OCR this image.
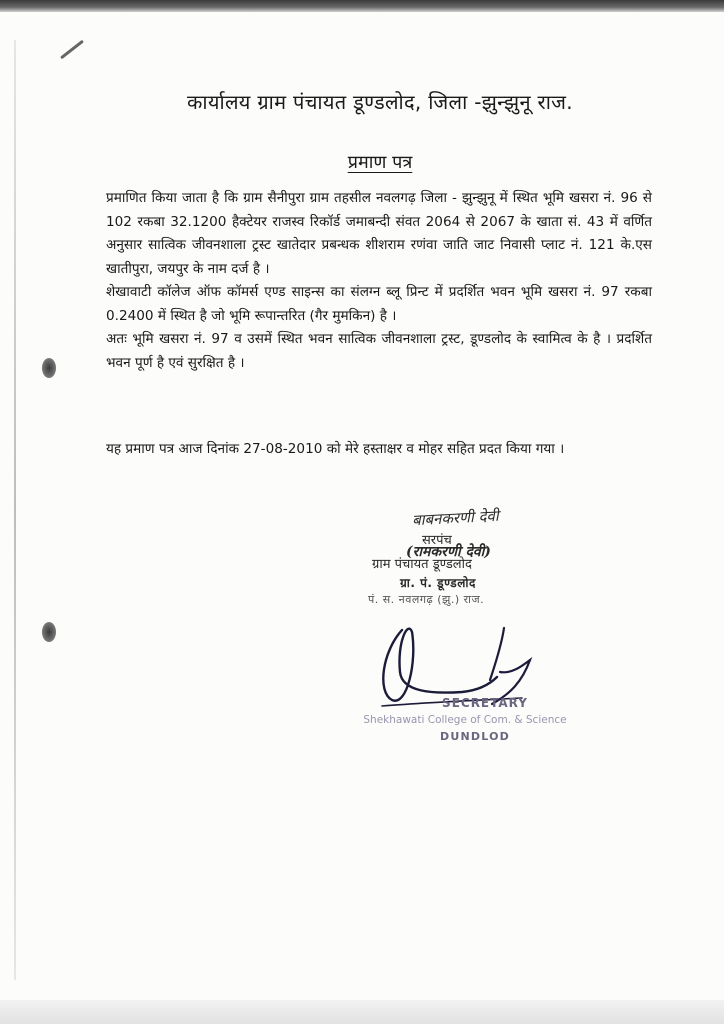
कार्यालय ग्राम पंचायत डूण्डलोद, जिला -झुन्झुनू राज.
प्रमाण पत्र

प्रमाणित किया जाता है कि ग्राम सैनीपुरा ग्राम तहसील नवलगढ़ जिला - झुन्झुनू में स्थित भूमि खसरा नं. 96 से 102 रकबा 32.1200 हैक्टेयर राजस्व रिकॉर्ड जमाबन्दी संवत 2064 से 2067 के खाता सं. 43 में वर्णित अनुसार सात्विक जीवनशाला ट्रस्ट खातेदार प्रबन्धक शीशराम रणंवा जाति जाट निवासी प्लाट नं. 121 के.एस खातीपुरा, जयपुर के नाम दर्ज है ।

शेखावाटी कॉलेज ऑफ कॉमर्स एण्ड साइन्स का संलग्न ब्लू प्रिन्ट में प्रदर्शित भवन भूमि खसरा नं. 97 रकबा 0.2400 में स्थित है जो भूमि रूपान्तरित (गैर मुमकिन) है ।

अतः भूमि खसरा नं. 97 व उसमें स्थित भवन सात्विक जीवनशाला ट्रस्ट, डूण्डलोद के स्वामित्व के है । प्रदर्शित भवन पूर्ण है एवं सुरक्षित है ।

यह प्रमाण पत्र आज दिनांक 27-08-2010 को मेरे हस्ताक्षर व मोहर सहित प्रदत किया गया ।
बाबनकरणी देवी
सरपंच
(रामकरणी देवी)
ग्राम पंचायत डूण्डलोद
ग्रा. पं. डूण्डलोद
पं. स. नवलगढ़ (झु.) राज.
SECRETARY
Shekhawati College of Com. & Science
DUNDLOD
